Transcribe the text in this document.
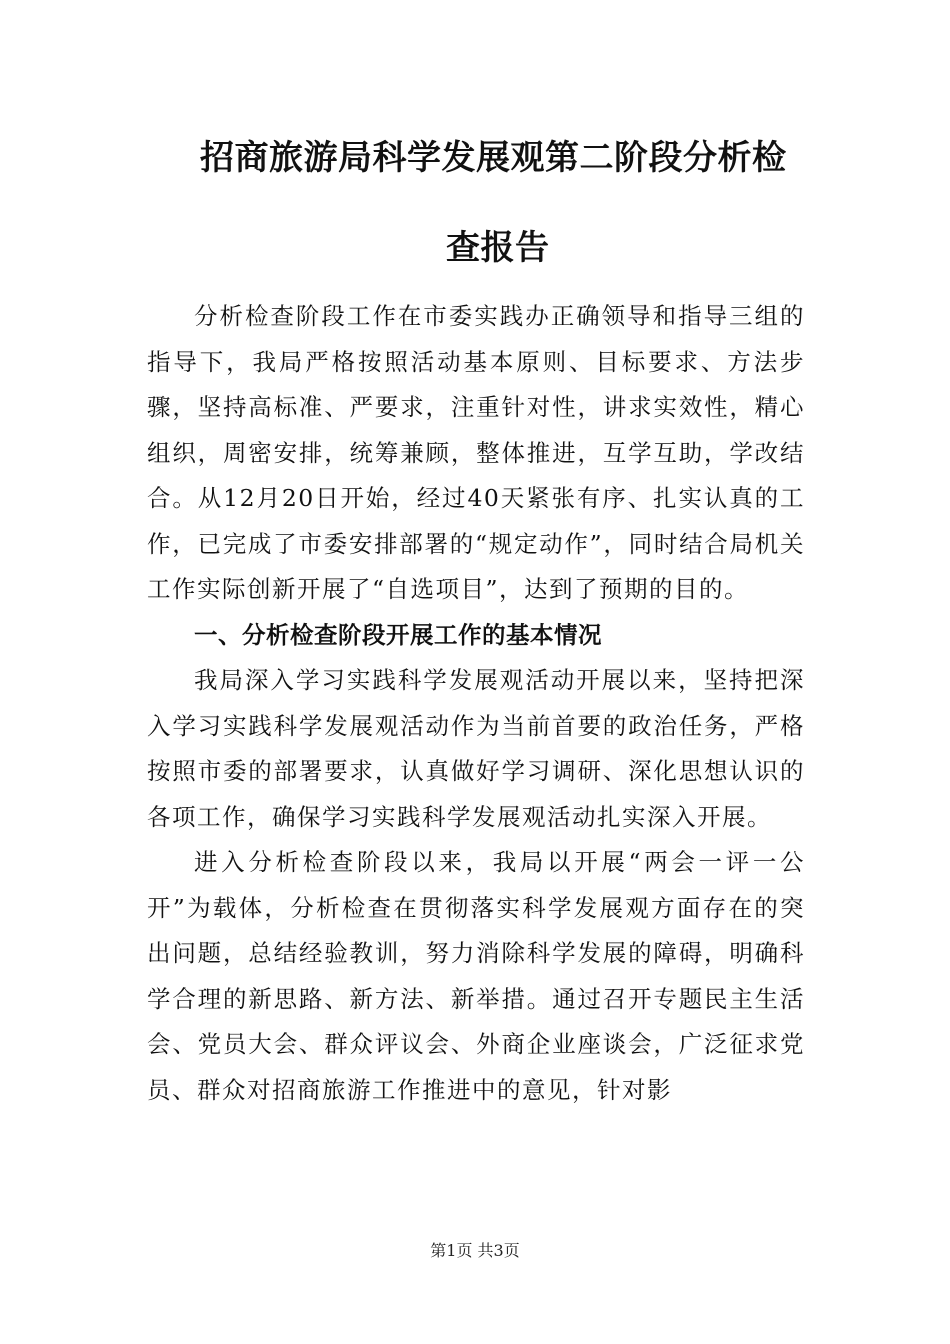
招商旅游局科学发展观第二阶段分析检
查报告

分析检查阶段工作在市委实践办正确领导和指导三组的指导下，我局严格按照活动基本原则、目标要求、方法步骤，坚持高标准、严要求，注重针对性，讲求实效性，精心组织，周密安排，统筹兼顾，整体推进，互学互助，学改结合。从12月20日开始，经过40天紧张有序、扎实认真的工作，已完成了市委安排部署的“规定动作”，同时结合局机关工作实际创新开展了“自选项目”，达到了预期的目的。

一、分析检查阶段开展工作的基本情况

我局深入学习实践科学发展观活动开展以来，坚持把深入学习实践科学发展观活动作为当前首要的政治任务，严格按照市委的部署要求，认真做好学习调研、深化思想认识的各项工作，确保学习实践科学发展观活动扎实深入开展。

进入分析检查阶段以来，我局以开展“两会一评一公开”为载体，分析检查在贯彻落实科学发展观方面存在的突出问题，总结经验教训，努力消除科学发展的障碍，明确科学合理的新思路、新方法、新举措。通过召开专题民主生活会、党员大会、群众评议会、外商企业座谈会，广泛征求党员、群众对招商旅游工作推进中的意见，针对影

第1页 共3页
